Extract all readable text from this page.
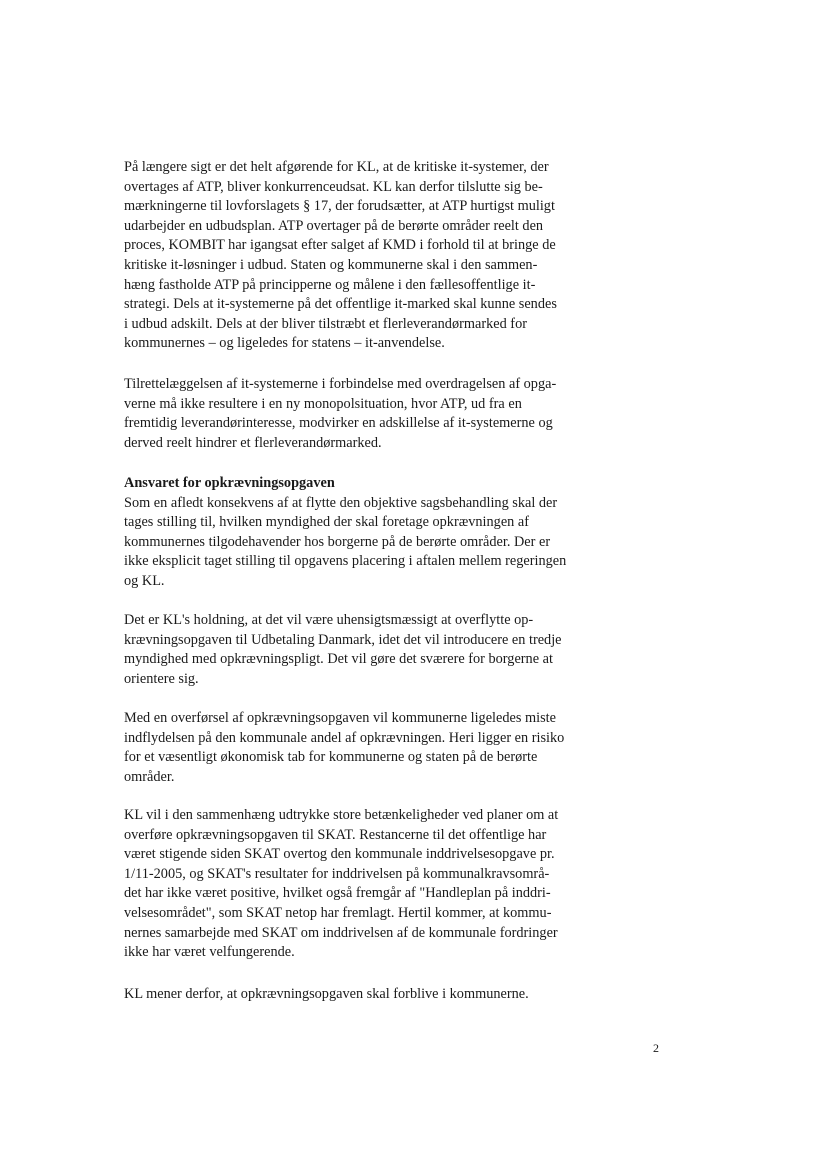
På længere sigt er det helt afgørende for KL, at de kritiske it-systemer, der
overtages af ATP, bliver konkurrenceudsat. KL kan derfor tilslutte sig be-
mærkningerne til lovforslagets § 17, der forudsætter, at ATP hurtigst muligt
udarbejder en udbudsplan. ATP overtager på de berørte områder reelt den
proces, KOMBIT har igangsat efter salget af KMD i forhold til at bringe de
kritiske it-løsninger i udbud. Staten og kommunerne skal i den sammen-
hæng fastholde ATP på principperne og målene i den fællesoffentlige it-
strategi. Dels at it-systemerne på det offentlige it-marked skal kunne sendes
i udbud adskilt. Dels at der bliver tilstræbt et flerleverandørmarked for
kommunernes – og ligeledes for statens – it-anvendelse.

Tilrettelæggelsen af it-systemerne i forbindelse med overdragelsen af opga-
verne må ikke resultere i en ny monopolsituation, hvor ATP, ud fra en
fremtidig leverandørinteresse, modvirker en adskillelse af it-systemerne og
derved reelt hindrer et flerleverandørmarked.

Ansvaret for opkrævningsopgaven

Som en afledt konsekvens af at flytte den objektive sagsbehandling skal der
tages stilling til, hvilken myndighed der skal foretage opkrævningen af
kommunernes tilgodehavender hos borgerne på de berørte områder. Der er
ikke eksplicit taget stilling til opgavens placering i aftalen mellem regeringen
og KL.

Det er KL's holdning, at det vil være uhensigtsmæssigt at overflytte op-
krævningsopgaven til Udbetaling Danmark, idet det vil introducere en tredje
myndighed med opkrævningspligt. Det vil gøre det sværere for borgerne at
orientere sig.

Med en overførsel af opkrævningsopgaven vil kommunerne ligeledes miste
indflydelsen på den kommunale andel af opkrævningen. Heri ligger en risiko
for et væsentligt økonomisk tab for kommunerne og staten på de berørte
områder.

KL vil i den sammenhæng udtrykke store betænkeligheder ved planer om at
overføre opkrævningsopgaven til SKAT. Restancerne til det offentlige har
været stigende siden SKAT overtog den kommunale inddrivelsesopgave pr.
1/11-2005, og SKAT's resultater for inddrivelsen på kommunalkravsområ-
det har ikke været positive, hvilket også fremgår af "Handleplan på inddri-
velsesområdet", som SKAT netop har fremlagt. Hertil kommer, at kommu-
nernes samarbejde med SKAT om inddrivelsen af de kommunale fordringer
ikke har været velfungerende.

KL mener derfor, at opkrævningsopgaven skal forblive i kommunerne.

2
